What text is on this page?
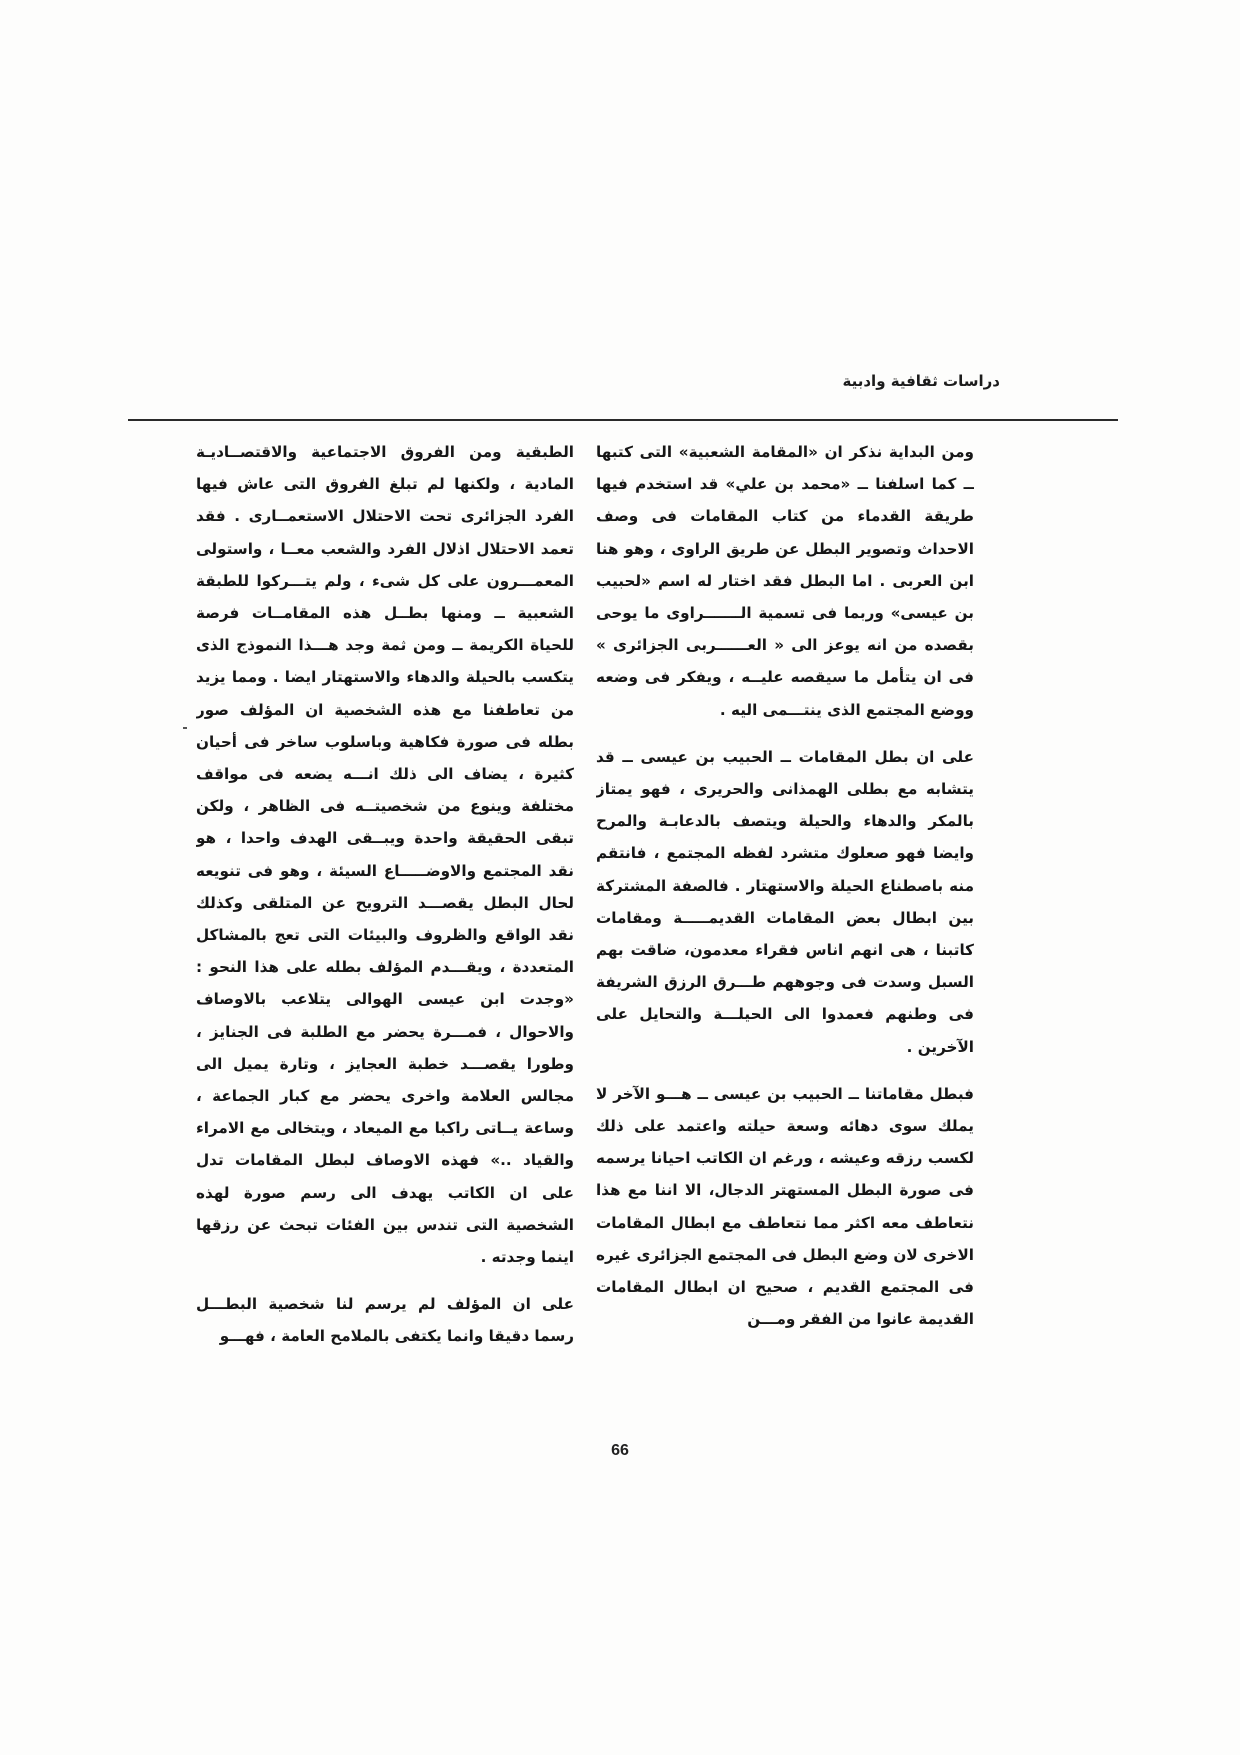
دراسات ثقافية وادبية

ومن البداية نذكر ان «المقامة الشعبية» التى كتبها ــ كما اسلفنا ــ «محمد بن علي» قد استخدم فيها طريقة القدماء من كتاب المقامات فى وصف الاحداث وتصوير البطل عن طريق الراوى ، وهو هنا ابن العربى . اما البطل فقد اختار له اسم «لحبيب بن عيسى» وربما فى تسمية الـــــــراوى ما يوحى بقصده من انه يوعز الى « العــــــربى الجزائرى » فى ان يتأمل ما سيقصه عليــه ، ويفكر فى وضعه ووضع المجتمع الذى ينتـــمى اليه .

على ان بطل المقامات ــ الحبيب بن عيسى ــ قد يتشابه مع بطلى الهمذانى والحريرى ، فهو يمتاز بالمكر والدهاء والحيلة ويتصف بالدعابـة والمرح وايضا فهو صعلوك متشرد لفظه المجتمع ، فانتقم منه باصطناع الحيلة والاستهتار . فالصفة المشتركة بين ابطال بعض المقامات القديمـــــة ومقامات كاتبنا ، هى انهم اناس فقراء معدمون، ضاقت بهم السبل وسدت فى وجوههم طـــرق الرزق الشريفة فى وطنهم فعمدوا الى الحيلـــة والتحايل على الآخرين .

فبطل مقاماتنا ــ الحبيب بن عيسى ــ هـــو الآخر لا يملك سوى دهائه وسعة حيلته واعتمد على ذلك لكسب رزقه وعيشه ، ورغم ان الكاتب احيانا يرسمه فى صورة البطل المستهتر الدجال، الا اننا مع هذا نتعاطف معه اكثر مما نتعاطف مع ابطال المقامات الاخرى لان وضع البطل فى المجتمع الجزائرى غيره فى المجتمع القديم ، صحيح ان ابطال المقامات القديمة عانوا من الفقر ومـــن

الطبقية ومن الفروق الاجتماعية والاقتصــاديـة المادية ، ولكنها لم تبلغ الفروق التى عاش فيها الفرد الجزائرى تحت الاحتلال الاستعمــارى . فقد تعمد الاحتلال اذلال الفرد والشعب معــا ، واستولى المعمـــرون على كل شىء ، ولم يتـــركوا للطبقة الشعبية ــ ومنها بطــل هذه المقامــات فرصة للحياة الكريمة ــ ومن ثمة وجد هـــذا النموذج الذى يتكسب بالحيلة والدهاء والاستهتار ايضا . ومما يزيد من تعاطفنا مع هذه الشخصية ان المؤلف صور بطله فى صورة فكاهية وباسلوب ساخر فى أحيان كثيرة ، يضاف الى ذلك انـــه يضعه فى مواقف مختلفة وينوع من شخصيتــه فى الظاهر ، ولكن تبقى الحقيقة واحدة ويبــقى الهدف واحدا ، هو نقد المجتمع والاوضـــــاع السيئة ، وهو فى تنويعه لحال البطل يقصـــد الترويح عن المتلقى وكذلك نقد الواقع والظروف والبيئات التى تعج بالمشاكل المتعددة ، ويقـــدم المؤلف بطله على هذا النحو : «وجدت ابن عيسى الهوالى يتلاعب بالاوصاف والاحوال ، فمـــرة يحضر مع الطلبة فى الجنايز ، وطورا يقصـــد خطبة العجايز ، وتارة يميل الى مجالس العلامة واخرى يحضر مع كبار الجماعة ، وساعة يــاتى راكبا مع الميعاد ، ويتخالى مع الامراء والقياد ..» فهذه الاوصاف لبطل المقامات تدل على ان الكاتب يهدف الى رسم صورة لهذه الشخصية التى تندس بين الفئات تبحث عن رزقها اينما وجدته .

على ان المؤلف لم يرسم لنا شخصية البطـــل رسما دقيقا وانما يكتفى بالملامح العامة ، فهـــو

66
